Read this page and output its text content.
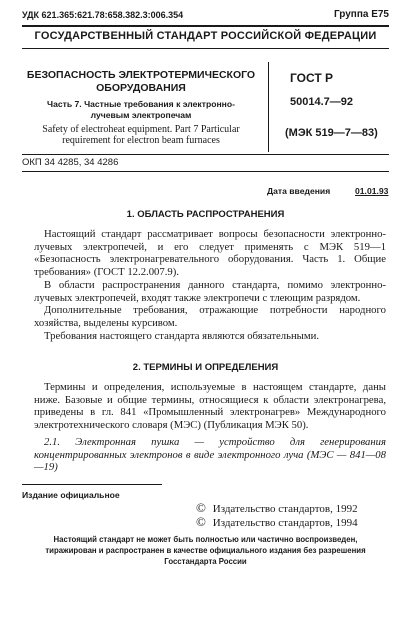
УДК 621.365:621.78:658.382.3:006.354	Группа Е75
ГОСУДАРСТВЕННЫЙ СТАНДАРТ РОССИЙСКОЙ ФЕДЕРАЦИИ
БЕЗОПАСНОСТЬ ЭЛЕКТРОТЕРМИЧЕСКОГО
ОБОРУДОВАНИЯ
Часть 7. Частные требования к электронно-
лучевым электропечам
Safety of electroheat equipment. Part 7 Particular
requirement for electron beam furnaces
ГОСТ Р
50014.7—92
(МЭК 519—7—83)
ОКП 34 4285, 34 4286
Дата введения	01.01.93
1. ОБЛАСТЬ РАСПРОСТРАНЕНИЯ

Настоящий стандарт рассматривает вопросы безопасности электронно-лучевых электропечей, и его следует применять с МЭК 519—1 «Безопасность электронагревательного оборудования. Часть 1. Общие требования» (ГОСТ 12.2.007.9).

В области распространения данного стандарта, помимо электронно-лучевых электропечей, входят также электропечи с тлеющим разрядом.

Дополнительные требования, отражающие потребности народного хозяйства, выделены курсивом.

Требования настоящего стандарта являются обязательными.

2. ТЕРМИНЫ И ОПРЕДЕЛЕНИЯ

Термины и определения, используемые в настоящем стандарте, даны ниже. Базовые и общие термины, относящиеся к области электронагрева, приведены в гл. 841 «Промышленный электронагрев» Международного электротехнического словаря (МЭС) (Публикация МЭК 50).

2.1. Электронная пушка — устройство для генерирования концентрированных электронов в виде электронного луча (МЭС — 841—08—19)

Издание официальное
© Издательство стандартов, 1992
© Издательство стандартов, 1994
Настоящий стандарт не может быть полностью или частично воспроизведен,
тиражирован и распространен в качестве официального издания без разрешения
Госстандарта России
